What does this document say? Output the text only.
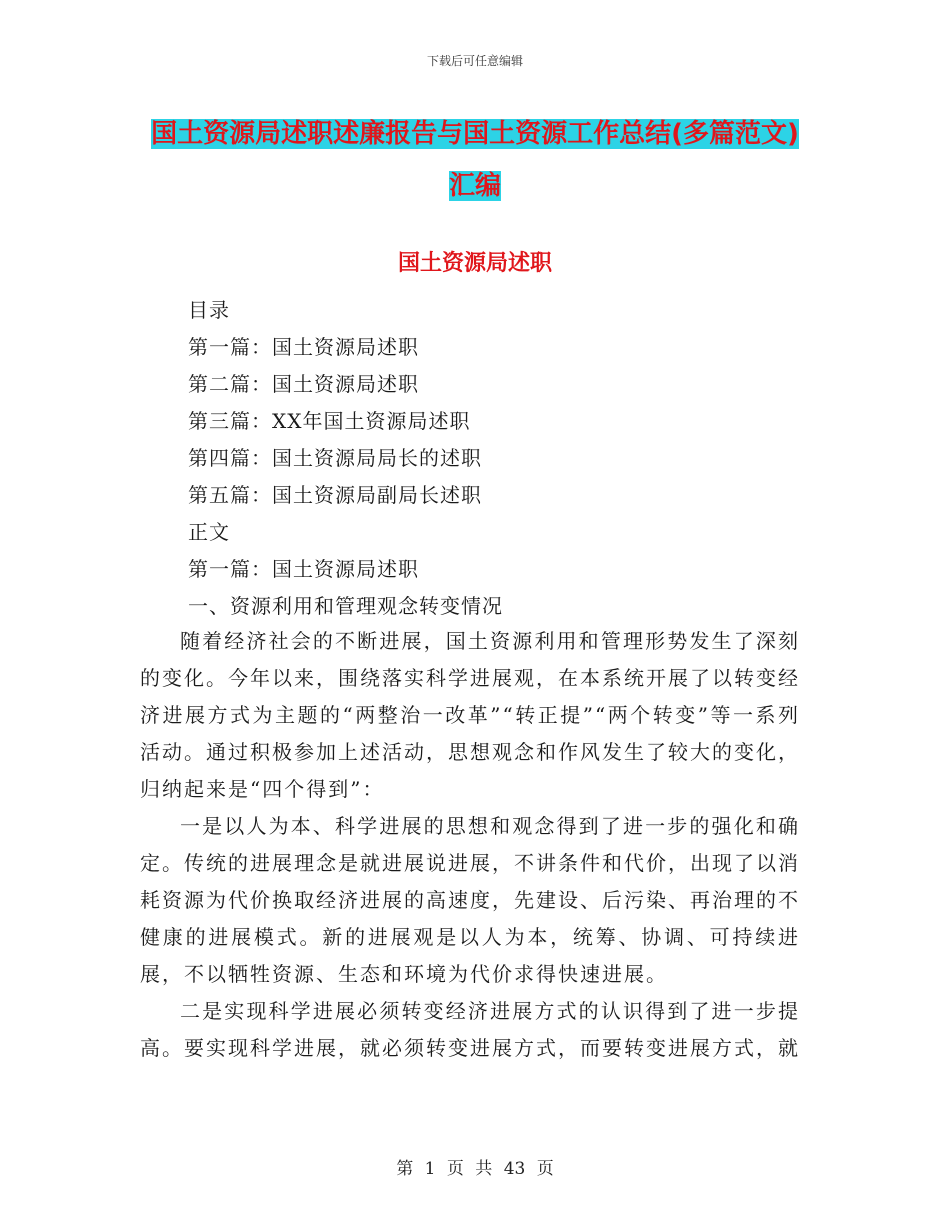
下载后可任意编辑
国土资源局述职述廉报告与国土资源工作总结(多篇范文)汇编
国土资源局述职
目录
第一篇：国土资源局述职
第二篇：国土资源局述职
第三篇：XX年国土资源局述职
第四篇：国土资源局局长的述职
第五篇：国土资源局副局长述职
正文
第一篇：国土资源局述职
一、资源利用和管理观念转变情况

随着经济社会的不断进展，国土资源利用和管理形势发生了深刻的变化。今年以来，围绕落实科学进展观，在本系统开展了以转变经济进展方式为主题的“两整治一改革”“转正提”“两个转变”等一系列活动。通过积极参加上述活动，思想观念和作风发生了较大的变化，归纳起来是“四个得到”：

一是以人为本、科学进展的思想和观念得到了进一步的强化和确定。传统的进展理念是就进展说进展，不讲条件和代价，出现了以消耗资源为代价换取经济进展的高速度，先建设、后污染、再治理的不健康的进展模式。新的进展观是以人为本，统筹、协调、可持续进展，不以牺牲资源、生态和环境为代价求得快速进展。

二是实现科学进展必须转变经济进展方式的认识得到了进一步提高。要实现科学进展，就必须转变进展方式，而要转变进展方式，就

第 1 页 共 43 页
